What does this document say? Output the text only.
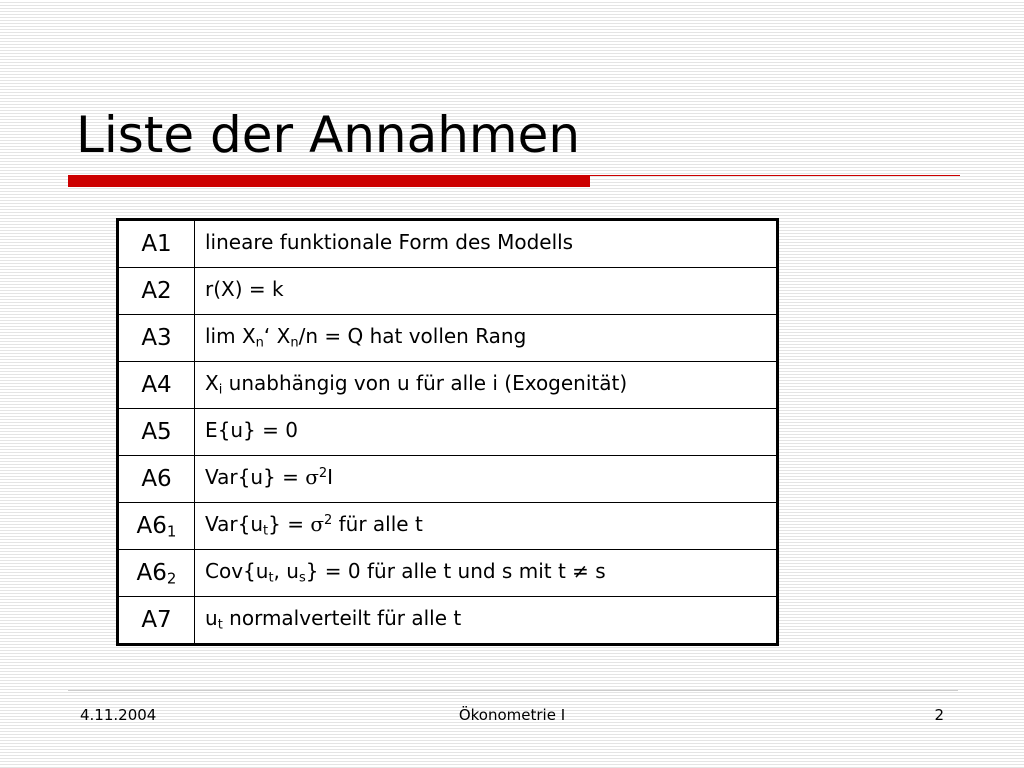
Liste der Annahmen
A1	lineare funktionale Form des Modells
A2	r(X) = k
A3	$\lim X_n‘$ $X_n/n = Q$ hat vollen Rang
A4	$X_i$ unabhängig von u für alle i (Exogenität)
A5	E{u} = 0
A6	$Var\{u\} = \sigma^2I$
$A6_1$	$Var\{u_t\} = \sigma^2$ für alle t
$A6_2$	$Cov\{u_t$, $u_s\} = 0$ für alle t und s mit t ≠ s
A7	$u_t$ normalverteilt für alle t
4.11.2004	Ökonometrie I	2
